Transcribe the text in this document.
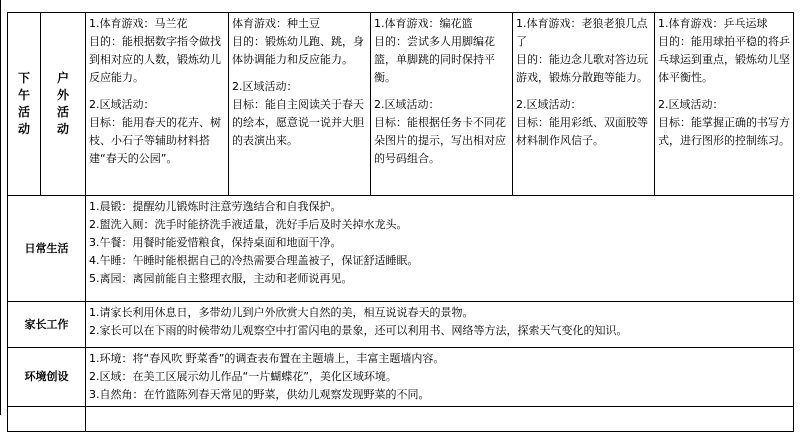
下午活动	户外活动	1.体育游戏：马兰花
目的：能根据数字指令做找到相对应的人数，锻炼幼儿反应能力。
2.区域活动：
目标：能用春天的花卉、树枝、小石子等辅助材料搭建“春天的公园”。	体育游戏：种土豆
目的：锻炼幼儿跑、跳，身体协调能力和反应能力。
2.区域活动：
目标：能自主阅读关于春天的绘本，愿意说一说并大胆的表演出来。	1.体育游戏：编花篮
目的：尝试多人用脚编花篮，单脚跳的同时保持平衡。
2.区域活动：
目标：能根据任务卡不同花朵图片的提示，写出相对应的号码组合。	1.体育游戏：老狼老狼几点了
目的：能边念儿歌对答边玩游戏，锻炼分散跑等能力。
2.区域活动：
目标：能用彩纸、双面胶等材料制作风信子。	1.体育游戏：乒乓运球
目的：能用球拍平稳的将乒乓球运到重点，锻炼幼儿坚体平衡性。
2.区域活动：
目标：能掌握正确的书写方式，进行图形的控制练习。

日常生活		1.晨锻：提醒幼儿锻炼时注意劳逸结合和自我保护。
2.盥洗入厕：洗手时能挤洗手液适量，洗好手后及时关掉水龙头。
3.午餐：用餐时能爱惜粮食，保持桌面和地面干净。
4.午睡：午睡时能根据自己的冷热需要合理盖被子，保证舒适睡眠。
5.离园：离园前能自主整理衣服，主动和老师说再见。				

家长工作		1.请家长利用休息日，多带幼儿到户外欣赏大自然的美，相互说说春天的景物。
2.家长可以在下雨的时候带幼儿观察空中打雷闪电的景象，还可以利用书、网络等方法，探索天气变化的知识。				

环境创设		1.环境：将“春风吹 野菜香”的调查表布置在主题墙上，丰富主题墙内容。
2.区域：在美工区展示幼儿作品“一片蝴蝶花”，美化区域环境。
3.自然角：在竹篮陈列春天常见的野菜，供幼儿观察发现野菜的不同。				
